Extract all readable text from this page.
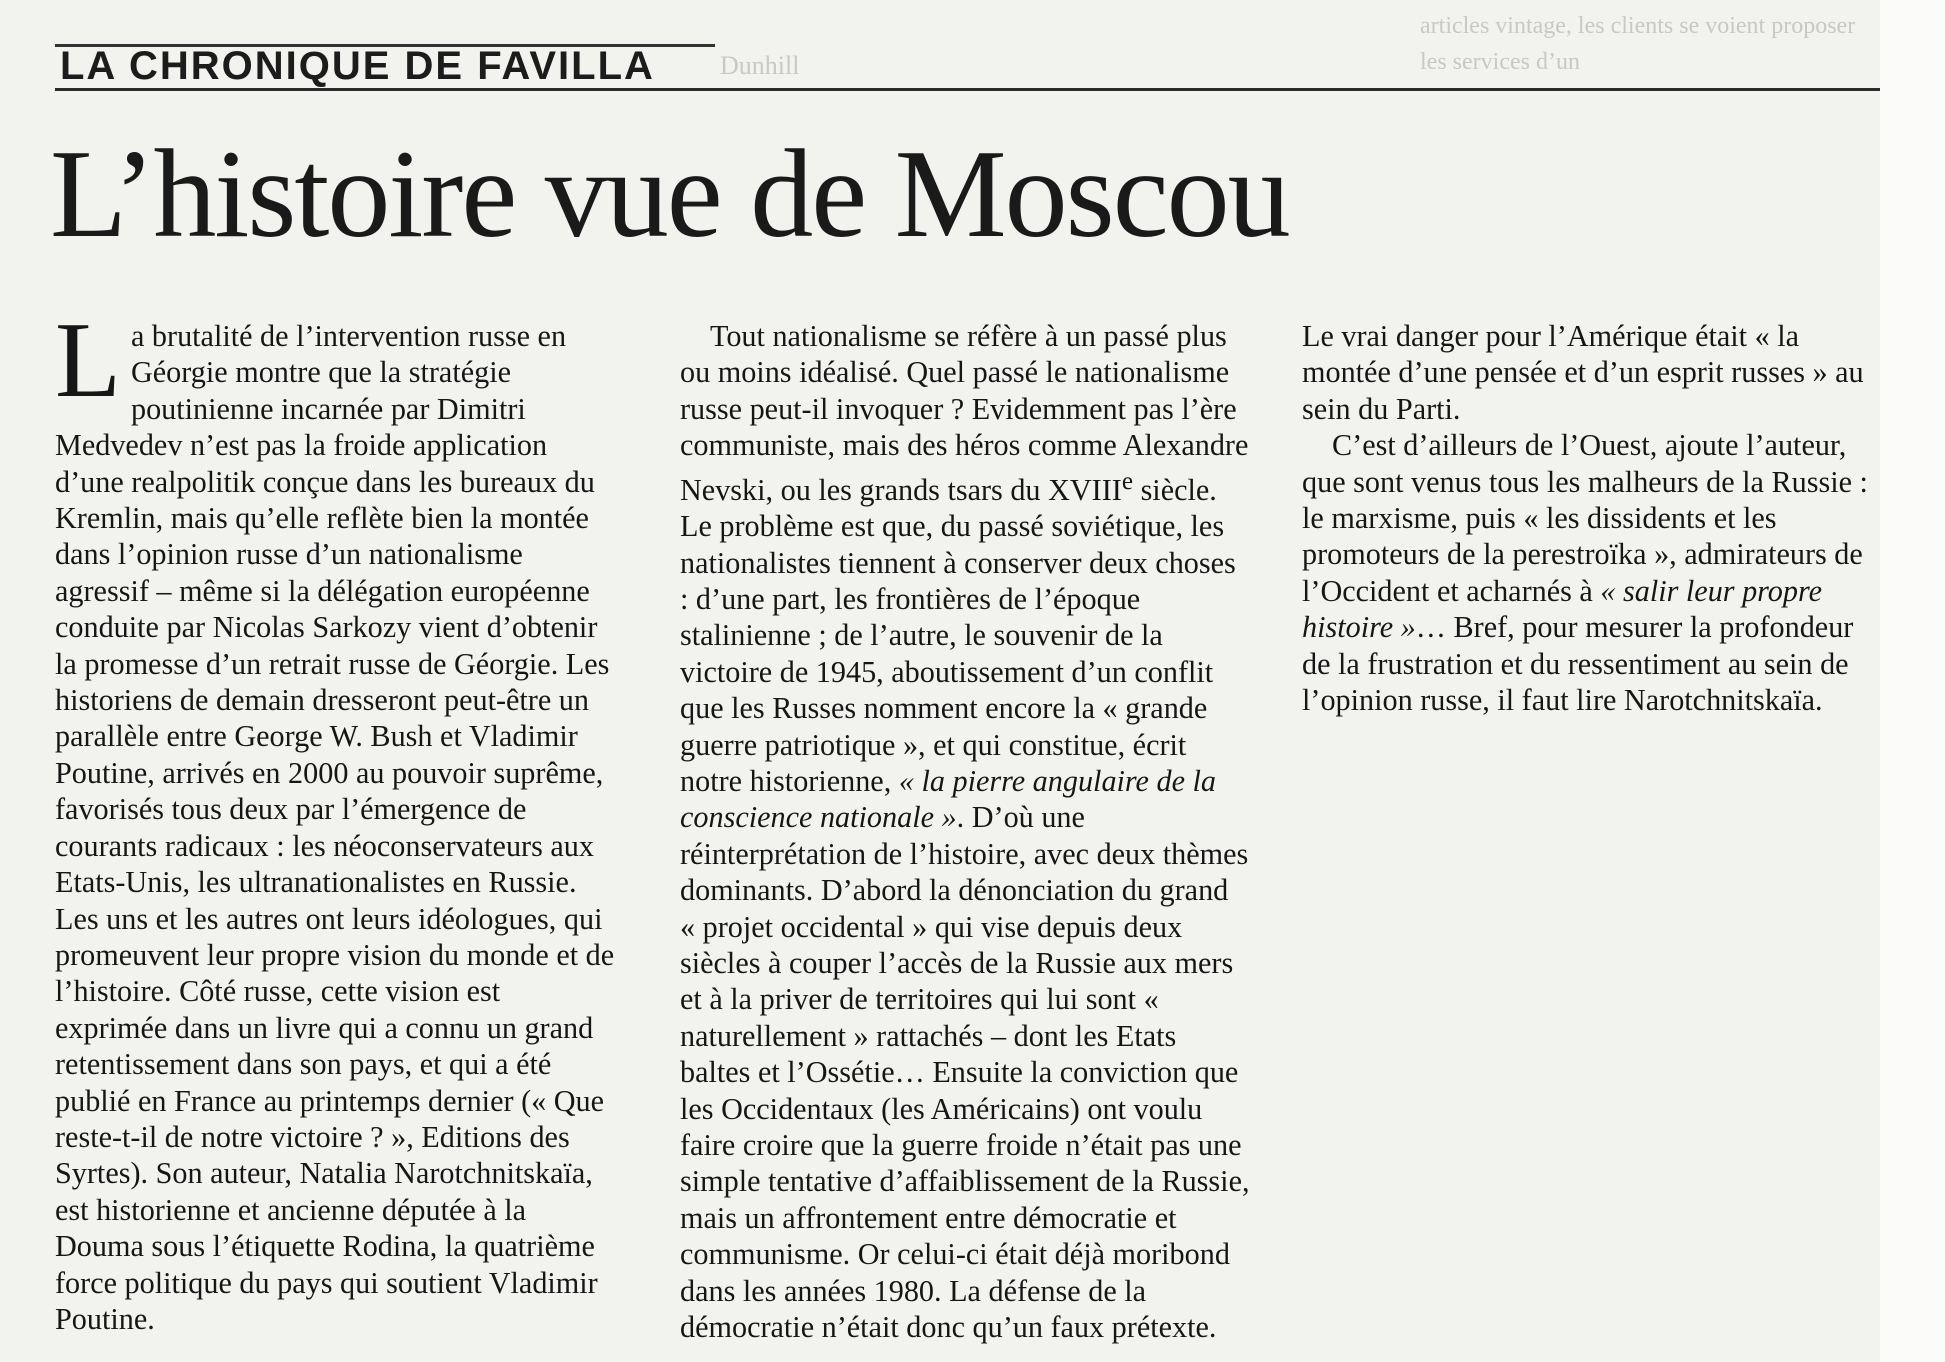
Dunhill
articles vintage, les clients se voient proposer les services d’un
LA CHRONIQUE DE FAVILLA
L’histoire vue de Moscou

La brutalité de l’intervention russe en Géorgie montre que la stratégie poutinienne incarnée par Dimitri Medvedev n’est pas la froide application d’une realpolitik conçue dans les bureaux du Kremlin, mais qu’elle reflète bien la montée dans l’opinion russe d’un nationalisme agressif – même si la délégation européenne conduite par Nicolas Sarkozy vient d’obtenir la promesse d’un retrait russe de Géorgie. Les historiens de demain dresseront peut-être un parallèle entre George W. Bush et Vladimir Poutine, arrivés en 2000 au pouvoir suprême, favorisés tous deux par l’émergence de courants radicaux : les néoconservateurs aux Etats-Unis, les ultranationalistes en Russie. Les uns et les autres ont leurs idéologues, qui promeuvent leur propre vision du monde et de l’histoire. Côté russe, cette vision est exprimée dans un livre qui a connu un grand retentissement dans son pays, et qui a été publié en France au printemps dernier (« Que reste-t-il de notre victoire ? », Editions des Syrtes). Son auteur, Natalia Narotchnitskaïa, est historienne et ancienne députée à la Douma sous l’étiquette Rodina, la quatrième force politique du pays qui soutient Vladimir Poutine.

Tout nationalisme se réfère à un passé plus ou moins idéalisé. Quel passé le nationalisme russe peut-il invoquer ? Evidemment pas l’ère communiste, mais des héros comme Alexandre Nevski, ou les grands tsars du XVIIIe siècle. Le problème est que, du passé soviétique, les nationalistes tiennent à conserver deux choses : d’une part, les frontières de l’époque stalinienne ; de l’autre, le souvenir de la victoire de 1945, aboutissement d’un conflit que les Russes nomment encore la « grande guerre patriotique », et qui constitue, écrit notre historienne, « la pierre angulaire de la conscience nationale ». D’où une réinterprétation de l’histoire, avec deux thèmes dominants. D’abord la dénonciation du grand « projet occidental » qui vise depuis deux siècles à couper l’accès de la Russie aux mers et à la priver de territoires qui lui sont « naturellement » rattachés – dont les Etats baltes et l’Ossétie… Ensuite la conviction que les Occidentaux (les Américains) ont voulu faire croire que la guerre froide n’était pas une simple tentative d’affaiblissement de la Russie, mais un affrontement entre démocratie et communisme. Or celui-ci était déjà moribond dans les années 1980. La défense de la démocratie n’était donc qu’un faux prétexte.

Le vrai danger pour l’Amérique était « la montée d’une pensée et d’un esprit russes » au sein du Parti.

C’est d’ailleurs de l’Ouest, ajoute l’auteur, que sont venus tous les malheurs de la Russie : le marxisme, puis « les dissidents et les promoteurs de la perestroïka », admirateurs de l’Occident et acharnés à « salir leur propre histoire »… Bref, pour mesurer la profondeur de la frustration et du ressentiment au sein de l’opinion russe, il faut lire Narotchnitskaïa.
